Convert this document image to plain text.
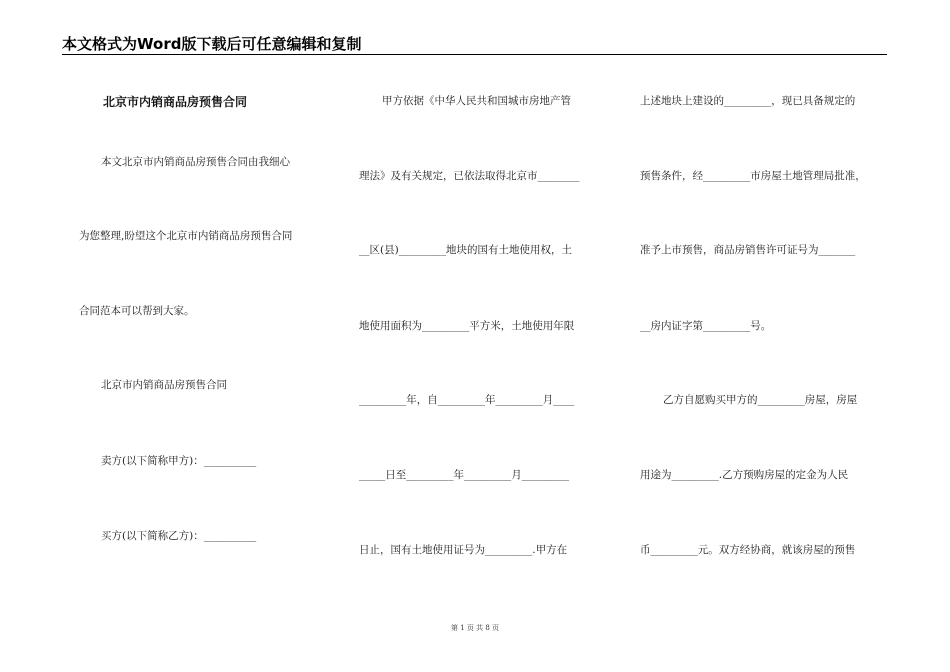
本文格式为Word版下载后可任意编辑和复制
北京市内销商品房预售合同
本文北京市内销商品房预售合同由我细心
为您整理,盼望这个北京市内销商品房预售合同
合同范本可以帮到大家。
北京市内销商品房预售合同
卖方(以下简称甲方)：__________
买方(以下简称乙方)：__________
甲方依据《中华人民共和国城市房地产管
理法》及有关规定，已依法取得北京市________
__区(县)_________地块的国有土地使用权，土
地使用面积为_________平方米，土地使用年限
_________年，自_________年_________月____
_____日至_________年_________月_________
日止，国有土地使用证号为_________.甲方在
上述地块上建设的_________，现已具备规定的
预售条件，经_________市房屋土地管理局批准，
准予上市预售，商品房销售许可证号为_______
__房内证字第_________号。
乙方自愿购买甲方的_________房屋，房屋
用途为_________.乙方预购房屋的定金为人民
币_________元。双方经协商，就该房屋的预售
第 1 页 共 8 页
